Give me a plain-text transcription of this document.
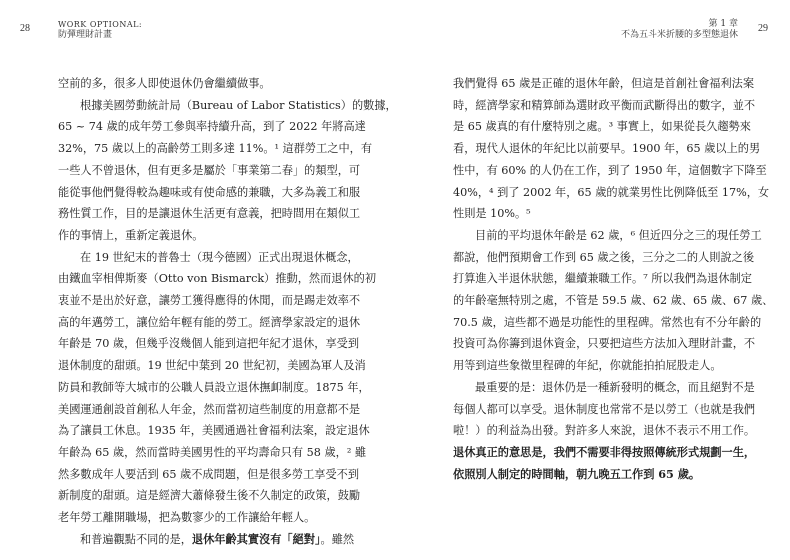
28	WORK OPTIONAL:
防彈理財計畫
空前的多，很多人即使退休仍會繼續做事。
根據美國勞動統計局（Bureau of Labor Statistics）的數據，
65 ~ 74 歲的成年勞工參與率持續升高，到了 2022 年將高達
32%，75 歲以上的高齡勞工則多達 11%。¹ 這群勞工之中，有
一些人不曾退休，但有更多是屬於「事業第二春」的類型，可
能從事他們覺得較為趣味或有使命感的兼職，大多為義工和服
務性質工作，目的是讓退休生活更有意義，把時間用在類似工
作的事情上，重新定義退休。
在 19 世紀末的普魯士（現今德國）正式出現退休概念，
由鐵血宰相俾斯麥（Otto von Bismarck）推動，然而退休的初
衷並不是出於好意，讓勞工獲得應得的休閒，而是踢走效率不
高的年邁勞工，讓位給年輕有能的勞工。經濟學家設定的退休
年齡是 70 歲，但幾乎沒幾個人能到這把年紀才退休，享受到
退休制度的甜頭。19 世紀中葉到 20 世紀初，美國為軍人及消
防員和教師等大城市的公職人員設立退休撫卹制度。1875 年，
美國運通創設首創私人年金，然而當初這些制度的用意都不是
為了讓員工休息。1935 年，美國通過社會福利法案，設定退休
年齡為 65 歲，然而當時美國男性的平均壽命只有 58 歲，² 雖
然多數成年人要活到 65 歲不成問題，但是很多勞工享受不到
新制度的甜頭。這是經濟大蕭條發生後不久制定的政策，鼓勵
老年勞工離開職場，把為數寥少的工作讓給年輕人。
和普遍觀點不同的是，退休年齡其實沒有「絕對」。雖然
29
第 1 章
不為五斗米折腰的多型態退休
我們覺得 65 歲是正確的退休年齡，但這是首創社會福利法案
時，經濟學家和精算師為選財政平衡而武斷得出的數字，並不
是 65 歲真的有什麼特別之處。³ 事實上，如果從長久趨勢來
看，現代人退休的年紀比以前要早。1900 年，65 歲以上的男
性中，有 60% 的人仍在工作，到了 1950 年，這個數字下降至
40%，⁴ 到了 2002 年，65 歲的就業男性比例降低至 17%，女
性則是 10%。⁵
目前的平均退休年齡是 62 歲，⁶ 但近四分之三的現任勞工
都說，他們預期會工作到 65 歲之後，三分之二的人則說之後
打算進入半退休狀態，繼續兼職工作。⁷ 所以我們為退休制定
的年齡毫無特別之處，不管是 59.5 歲、62 歲、65 歲、67 歲、
70.5 歲，這些都不過是功能性的里程碑。常然也有不分年齡的
投資可為你籌到退休資金，只要把這些方法加入理財計畫，不
用等到這些象徵里程碑的年紀，你就能拍拍屁股走人。
最重要的是：退休仍是一種新發明的概念，而且絕對不是
每個人都可以享受。退休制度也常常不是以勞工（也就是我們
啦！）的利益為出發。對許多人來說，退休不表示不用工作。
退休真正的意思是，我們不需要非得按照傳統形式規劃一生，
依照別人制定的時間軸，朝九晚五工作到 65 歲。
